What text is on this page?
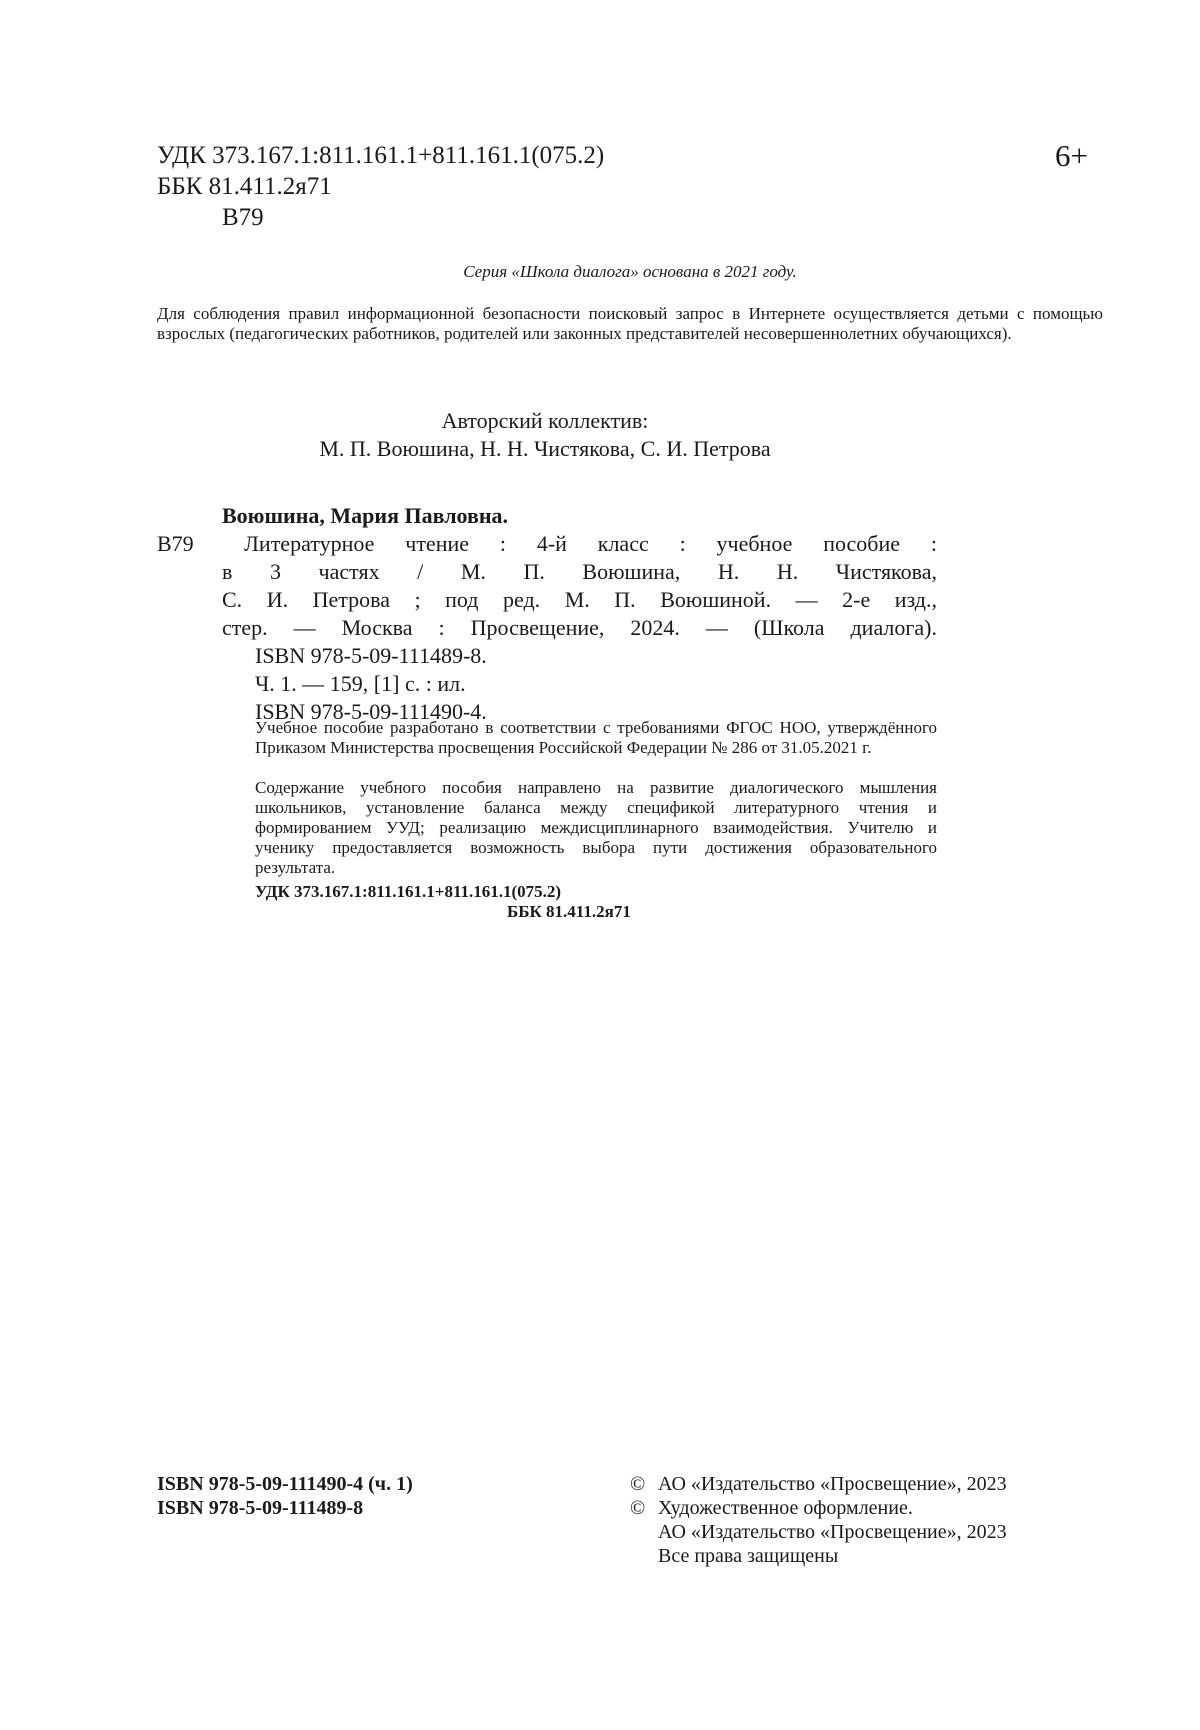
УДК 373.167.1:811.161.1+811.161.1(075.2)
ББК 81.411.2я71
В79
6+
Серия «Школа диалога» основана в 2021 году.
Для соблюдения правил информационной безопасности поисковый запрос в Интернете осуществляется детьми с помощью взрослых (педагогических работников, родителей или законных представителей несовершеннолетних обучающихся).
Авторский коллектив:
М. П. Воюшина, Н. Н. Чистякова, С. И. Петрова
Воюшина, Мария Павловна.
В79	Литературное чтение : 4-й класс : учебное пособие :
в 3 частях / М. П. Воюшина, Н. Н. Чистякова,
С. И. Петрова ; под ред. М. П. Воюшиной. — 2-е изд.,
стер. — Москва : Просвещение, 2024. — (Школа диалога).
ISBN 978-5-09-111489-8.
Ч. 1. — 159, [1] с. : ил.
ISBN 978-5-09-111490-4.
Учебное пособие разработано в соответствии с требованиями ФГОС НОО, утверждённого Приказом Министерства просвещения Российской Федерации № 286 от 31.05.2021 г.
Содержание учебного пособия направлено на развитие диалогического мышления школьников, установление баланса между спецификой литературного чтения и формированием УУД; реализацию междисциплинарного взаимодействия. Учителю и ученику предоставляется возможность выбора пути достижения образовательного результата.
УДК 373.167.1:811.161.1+811.161.1(075.2)
ББК 81.411.2я71
ISBN 978-5-09-111490-4 (ч. 1)
ISBN 978-5-09-111489-8
© АО «Издательство «Просвещение», 2023
© Художественное оформление.
АО «Издательство «Просвещение», 2023
Все права защищены
